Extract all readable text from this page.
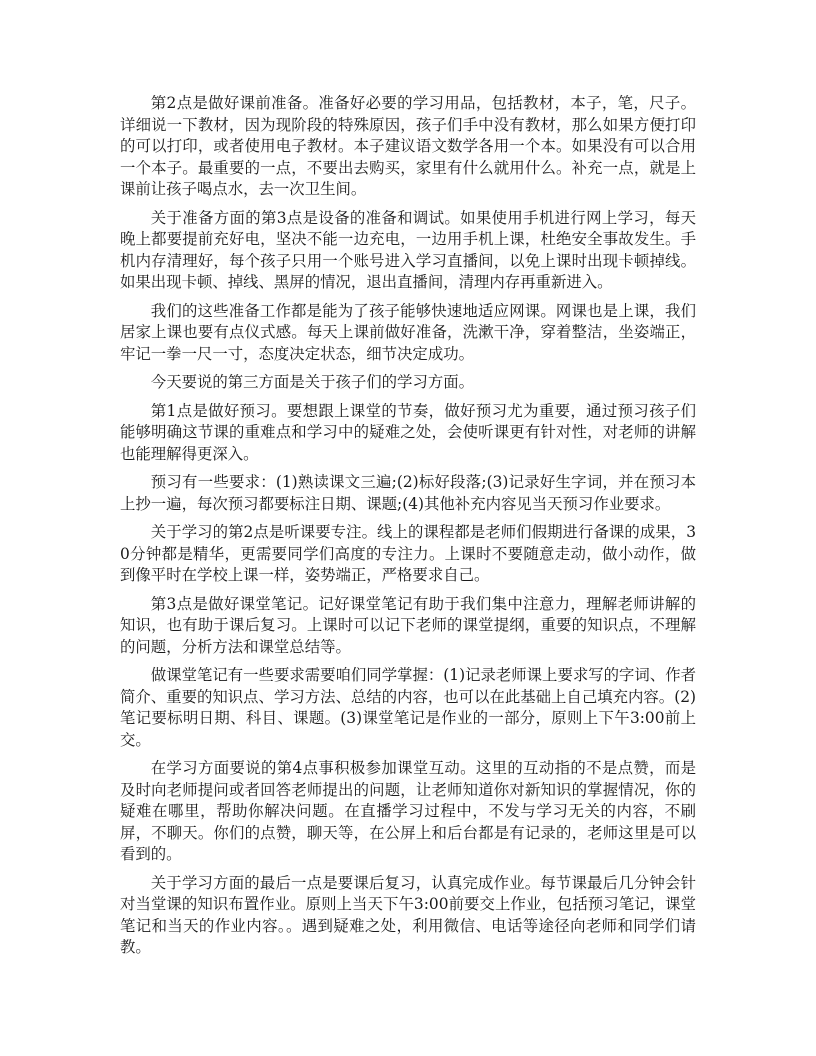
第2点是做好课前准备。准备好必要的学习用品，包括教材，本子，笔，尺子。详细说一下教材，因为现阶段的特殊原因，孩子们手中没有教材，那么如果方便打印的可以打印，或者使用电子教材。本子建议语文数学各用一个本。如果没有可以合用一个本子。最重要的一点，不要出去购买，家里有什么就用什么。补充一点，就是上课前让孩子喝点水，去一次卫生间。

关于准备方面的第3点是设备的准备和调试。如果使用手机进行网上学习，每天晚上都要提前充好电，坚决不能一边充电，一边用手机上课，杜绝安全事故发生。手机内存清理好，每个孩子只用一个账号进入学习直播间，以免上课时出现卡顿掉线。如果出现卡顿、掉线、黑屏的情况，退出直播间，清理内存再重新进入。

我们的这些准备工作都是能为了孩子能够快速地适应网课。网课也是上课，我们居家上课也要有点仪式感。每天上课前做好准备，洗漱干净，穿着整洁，坐姿端正，牢记一拳一尺一寸，态度决定状态，细节决定成功。

今天要说的第三方面是关于孩子们的学习方面。

第1点是做好预习。要想跟上课堂的节奏，做好预习尤为重要，通过预习孩子们能够明确这节课的重难点和学习中的疑难之处，会使听课更有针对性，对老师的讲解也能理解得更深入。

预习有一些要求：(1)熟读课文三遍;(2)标好段落;(3)记录好生字词，并在预习本上抄一遍，每次预习都要标注日期、课题;(4)其他补充内容见当天预习作业要求。

关于学习的第2点是听课要专注。线上的课程都是老师们假期进行备课的成果，30分钟都是精华，更需要同学们高度的专注力。上课时不要随意走动，做小动作，做到像平时在学校上课一样，姿势端正，严格要求自己。

第3点是做好课堂笔记。记好课堂笔记有助于我们集中注意力，理解老师讲解的知识，也有助于课后复习。上课时可以记下老师的课堂提纲，重要的知识点，不理解的问题，分析方法和课堂总结等。

做课堂笔记有一些要求需要咱们同学掌握：(1)记录老师课上要求写的字词、作者简介、重要的知识点、学习方法、总结的内容，也可以在此基础上自己填充内容。(2)笔记要标明日期、科目、课题。(3)课堂笔记是作业的一部分，原则上下午3:00前上交。

在学习方面要说的第4点事积极参加课堂互动。这里的互动指的不是点赞，而是及时向老师提问或者回答老师提出的问题，让老师知道你对新知识的掌握情况，你的疑难在哪里，帮助你解决问题。在直播学习过程中，不发与学习无关的内容，不刷屏，不聊天。你们的点赞，聊天等，在公屏上和后台都是有记录的，老师这里是可以看到的。

关于学习方面的最后一点是要课后复习，认真完成作业。每节课最后几分钟会针对当堂课的知识布置作业。原则上当天下午3:00前要交上作业，包括预习笔记，课堂笔记和当天的作业内容。。遇到疑难之处，利用微信、电话等途径向老师和同学们请教。
